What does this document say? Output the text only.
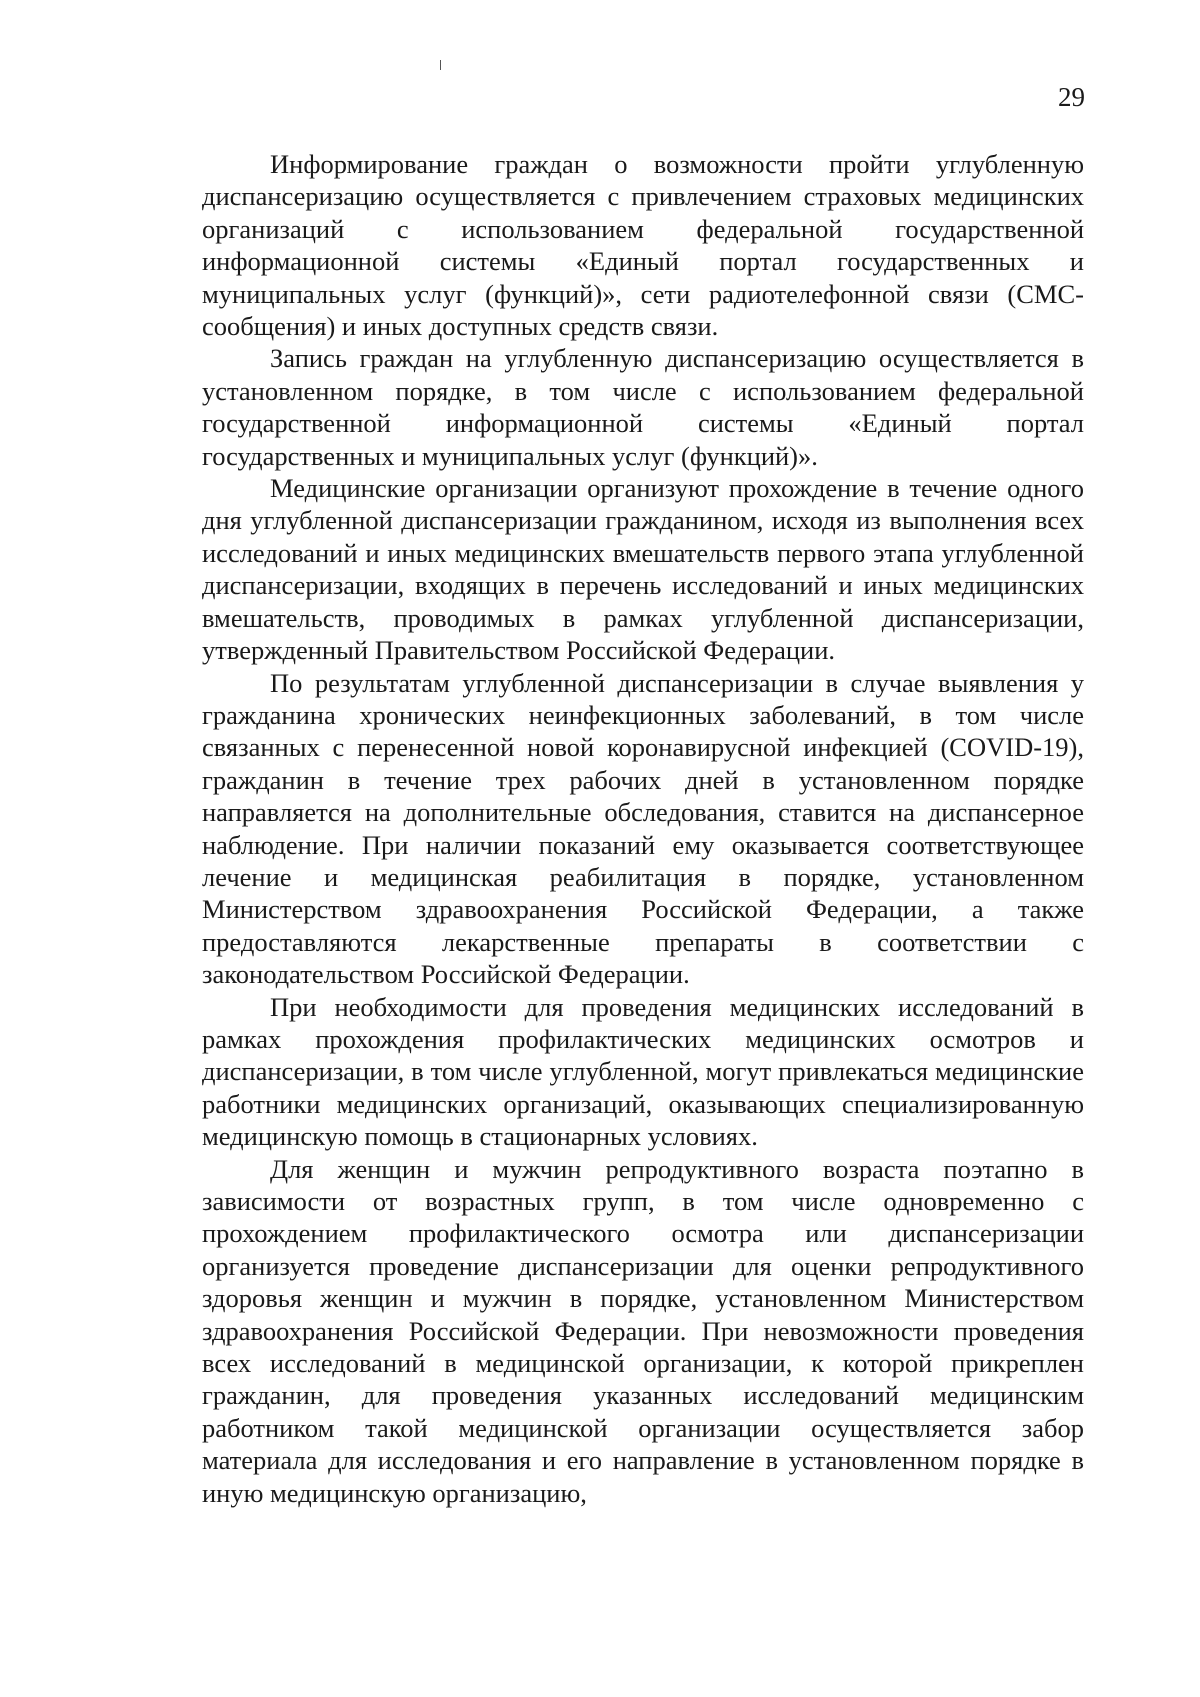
29

Информирование граждан о возможности пройти углубленную диспансеризацию осуществляется с привлечением страховых медицинских организаций с использованием федеральной государственной информационной системы «Единый портал государственных и муниципальных услуг (функций)», сети радиотелефонной связи (СМС-сообщения) и иных доступных средств связи.

Запись граждан на углубленную диспансеризацию осуществляется в установленном порядке, в том числе с использованием федеральной государственной информационной системы «Единый портал государственных и муниципальных услуг (функций)».

Медицинские организации организуют прохождение в течение одного дня углубленной диспансеризации гражданином, исходя из выполнения всех исследований и иных медицинских вмешательств первого этапа углубленной диспансеризации, входящих в перечень исследований и иных медицинских вмешательств, проводимых в рамках углубленной диспансеризации, утвержденный Правительством Российской Федерации.

По результатам углубленной диспансеризации в случае выявления у гражданина хронических неинфекционных заболеваний, в том числе связанных с перенесенной новой коронавирусной инфекцией (COVID-19), гражданин в течение трех рабочих дней в установленном порядке направляется на дополнительные обследования, ставится на диспансерное наблюдение. При наличии показаний ему оказывается соответствующее лечение и медицинская реабилитация в порядке, установленном Министерством здравоохранения Российской Федерации, а также предоставляются лекарственные препараты в соответствии с законодательством Российской Федерации.

При необходимости для проведения медицинских исследований в рамках прохождения профилактических медицинских осмотров и диспансеризации, в том числе углубленной, могут привлекаться медицинские работники медицинских организаций, оказывающих специализированную медицинскую помощь в стационарных условиях.

Для женщин и мужчин репродуктивного возраста поэтапно в зависимости от возрастных групп, в том числе одновременно с прохождением профилактического осмотра или диспансеризации организуется проведение диспансеризации для оценки репродуктивного здоровья женщин и мужчин в порядке, установленном Министерством здравоохранения Российской Федерации. При невозможности проведения всех исследований в медицинской организации, к которой прикреплен гражданин, для проведения указанных исследований медицинским работником такой медицинской организации осуществляется забор материала для исследования и его направление в установленном порядке в иную медицинскую организацию,
